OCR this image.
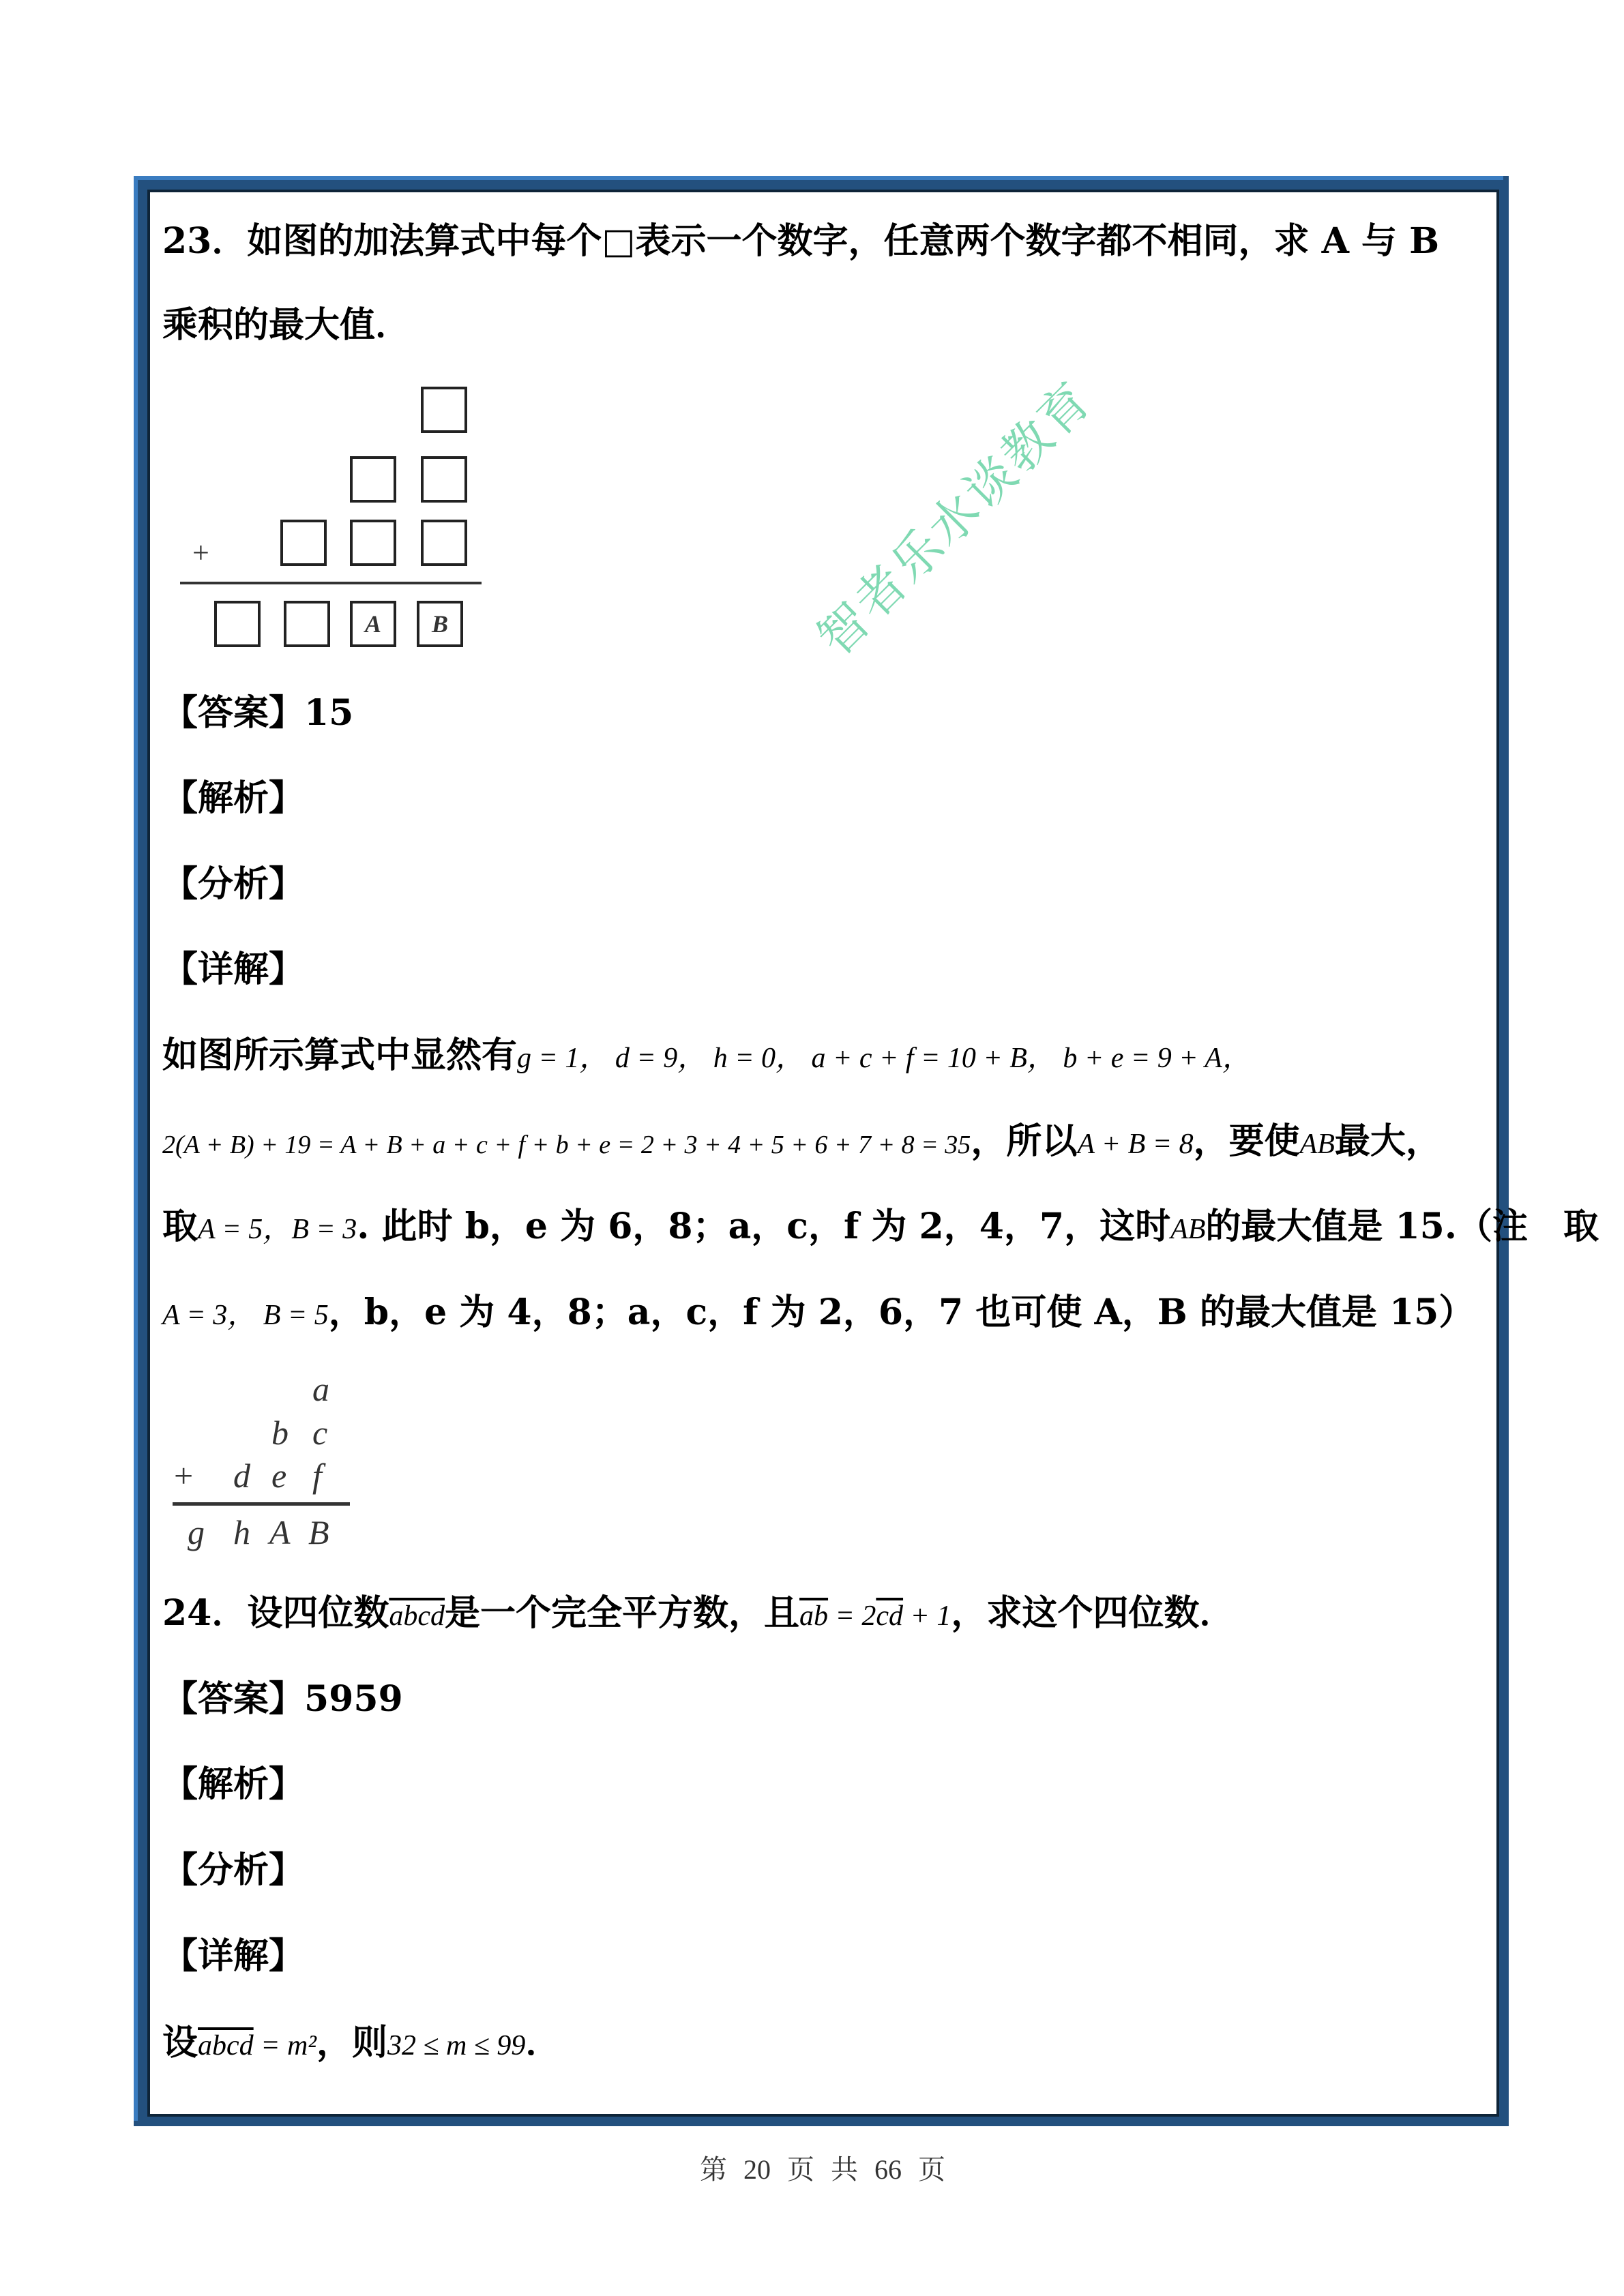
23．如图的加法算式中每个□表示一个数字，任意两个数字都不相同，求 A 与 B
乘积的最大值．
+
A	B
【答案】15
【解析】
【分析】
【详解】
如图所示算式中显然有g = 1， d = 9， h = 0， a + c + f = 10 + B， b + e = 9 + A，
2(A + B) + 19 = A + B + a + c + f + b + e = 2 + 3 + 4 + 5 + 6 + 7 + 8 = 35，所以A + B = 8，要使AB最大，
取A = 5，B = 3. 此时 b，e 为 6，8；a，c，f 为 2，4，7，这时AB的最大值是 15.（注　取
A = 3， B = 5，b，e 为 4，8；a，c，f 为 2，6，7 也可使 A，B 的最大值是 15）
a
b c
+ d e f
g h A B
24．设四位数abcd是一个完全平方数，且$\overline{ab} = 2\overline{cd} + 1$，求这个四位数．
【答案】5959
【解析】
【分析】
【详解】
设abcd = m²，则32 ≤ m ≤ 99．
智者乐水谈教育
第 20 页 共 66 页
